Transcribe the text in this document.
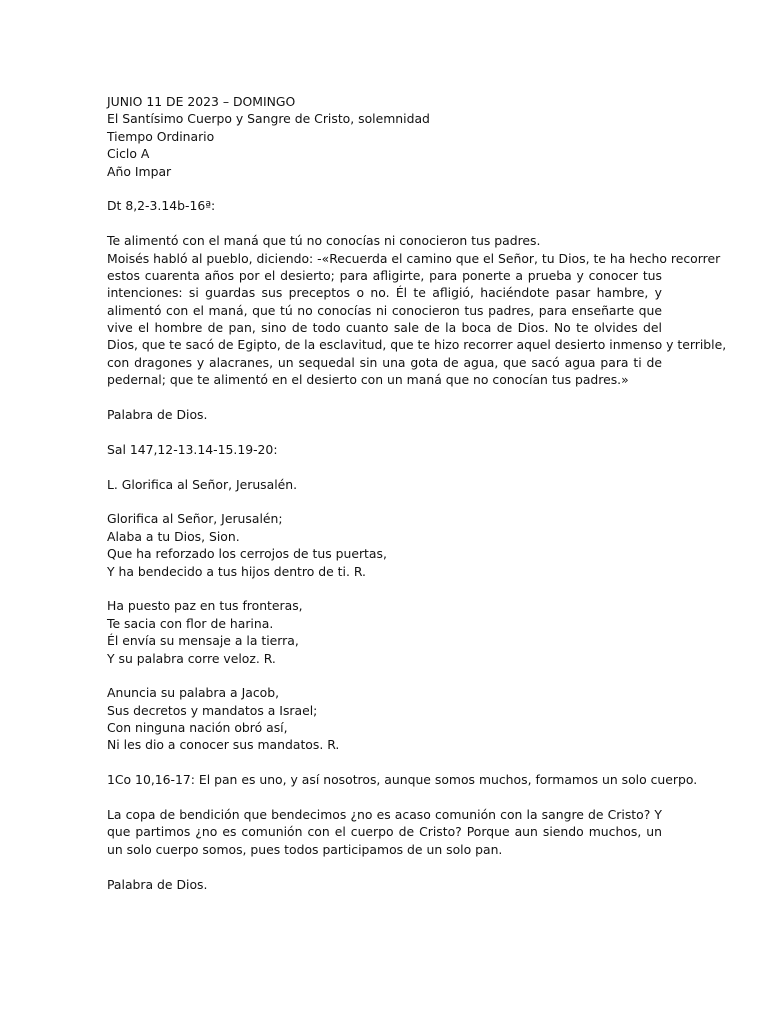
JUNIO 11 DE 2023 – DOMINGO
El Santísimo Cuerpo y Sangre de Cristo, solemnidad
Tiempo Ordinario
Ciclo A
Año Impar
Dt 8,2-3.14b-16ª:
Te alimentó con el maná que tú no conocías ni conocieron tus padres.
Moisés habló al pueblo, diciendo: -«Recuerda el camino que el Señor, tu Dios, te ha hecho recorrer
estos cuarenta años por el desierto; para afligirte, para ponerte a prueba y conocer tus
intenciones: si guardas sus preceptos o no. Él te afligió, haciéndote pasar hambre, y
alimentó con el maná, que tú no conocías ni conocieron tus padres, para enseñarte que
vive el hombre de pan, sino de todo cuanto sale de la boca de Dios. No te olvides del
Dios, que te sacó de Egipto, de la esclavitud, que te hizo recorrer aquel desierto inmenso y terrible,
con dragones y alacranes, un sequedal sin una gota de agua, que sacó agua para ti de
pedernal; que te alimentó en el desierto con un maná que no conocían tus padres.»
Palabra de Dios.
Sal 147,12-13.14-15.19-20:
L. Glorifica al Señor, Jerusalén.
Glorifica al Señor, Jerusalén;
Alaba a tu Dios, Sion.
Que ha reforzado los cerrojos de tus puertas,
Y ha bendecido a tus hijos dentro de ti. R.
Ha puesto paz en tus fronteras,
Te sacia con flor de harina.
Él envía su mensaje a la tierra,
Y su palabra corre veloz. R.
Anuncia su palabra a Jacob,
Sus decretos y mandatos a Israel;
Con ninguna nación obró así,
Ni les dio a conocer sus mandatos. R.
1Co 10,16-17: El pan es uno, y así nosotros, aunque somos muchos, formamos un solo cuerpo.
La copa de bendición que bendecimos ¿no es acaso comunión con la sangre de Cristo? Y
que partimos ¿no es comunión con el cuerpo de Cristo? Porque aun siendo muchos, un
un solo cuerpo somos, pues todos participamos de un solo pan.
Palabra de Dios.
